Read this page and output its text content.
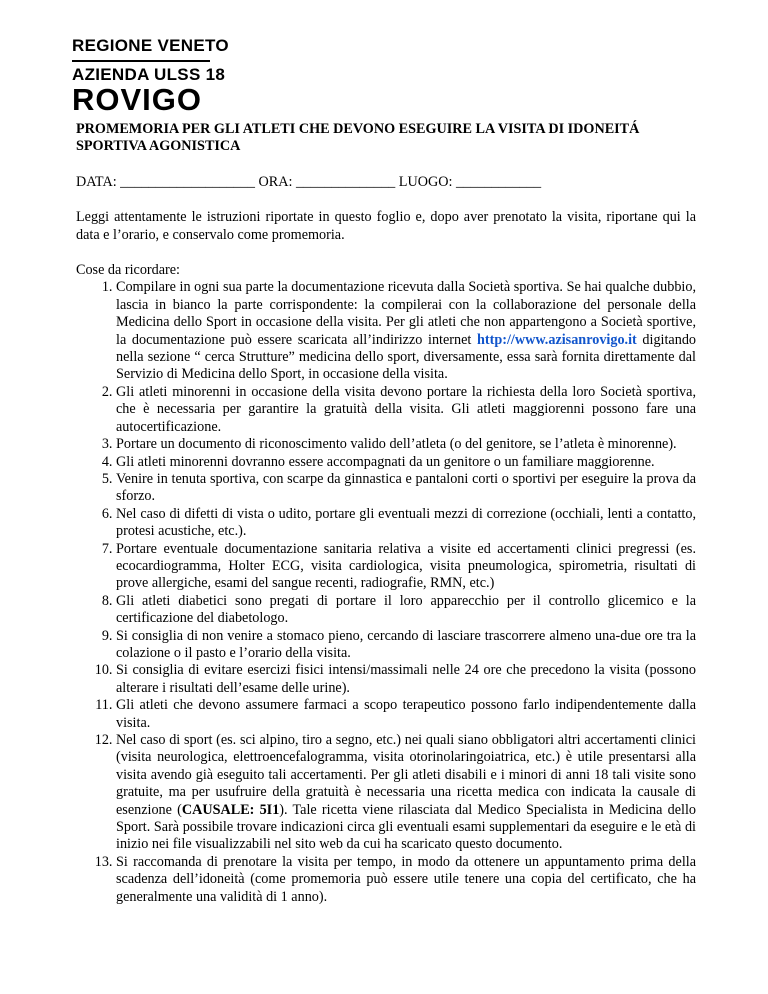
REGIONE VENETO
AZIENDA ULSS 18
ROVIGO
PROMEMORIA PER GLI ATLETI CHE DEVONO ESEGUIRE LA VISITA DI IDONEITÁ SPORTIVA AGONISTICA
DATA: ___________________ ORA: ______________ LUOGO: ____________
Leggi attentamente le istruzioni riportate in questo foglio e, dopo aver prenotato la visita, riportane qui la data e l’orario, e conservalo come promemoria.
Cose da ricordare:
1. Compilare in ogni sua parte la documentazione ricevuta dalla Società sportiva. Se hai qualche dubbio, lascia in bianco la parte corrispondente: la compilerai con la collaborazione del personale della Medicina dello Sport in occasione della visita. Per gli atleti che non appartengono a Società sportive, la documentazione può essere scaricata all’indirizzo internet http://www.azisanrovigo.it digitando nella sezione “ cerca Strutture” medicina dello sport, diversamente, essa sarà fornita direttamente dal Servizio di Medicina dello Sport, in occasione della visita.
2. Gli atleti minorenni in occasione della visita devono portare la richiesta della loro Società sportiva, che è necessaria per garantire la gratuità della visita. Gli atleti maggiorenni possono fare una autocertificazione.
3. Portare un documento di riconoscimento valido dell’atleta (o del genitore, se l’atleta è minorenne).
4. Gli atleti minorenni dovranno essere accompagnati da un genitore o un familiare maggiorenne.
5. Venire in tenuta sportiva, con scarpe da ginnastica e pantaloni corti o sportivi per eseguire la prova da sforzo.
6. Nel caso di difetti di vista o udito, portare gli eventuali mezzi di correzione (occhiali, lenti a contatto, protesi acustiche, etc.).
7. Portare eventuale documentazione sanitaria relativa a visite ed accertamenti clinici pregressi (es. ecocardiogramma, Holter ECG, visita cardiologica, visita pneumologica, spirometria, risultati di prove allergiche, esami del sangue recenti, radiografie, RMN, etc.)
8. Gli atleti diabetici sono pregati di portare il loro apparecchio per il controllo glicemico e la certificazione del diabetologo.
9. Si consiglia di non venire a stomaco pieno, cercando di lasciare trascorrere almeno una-due ore tra la colazione o il pasto e l’orario della visita.
10. Si consiglia di evitare esercizi fisici intensi/massimali nelle 24 ore che precedono la visita (possono alterare i risultati dell’esame delle urine).
11. Gli atleti che devono assumere farmaci a scopo terapeutico possono farlo indipendentemente dalla visita.
12. Nel caso di sport (es. sci alpino, tiro a segno, etc.) nei quali siano obbligatori altri accertamenti clinici (visita neurologica, elettroencefalogramma, visita otorinolaringoiatrica, etc.) è utile presentarsi alla visita avendo già eseguito tali accertamenti. Per gli atleti disabili e i minori di anni 18 tali visite sono gratuite, ma per usufruire della gratuità è necessaria una ricetta medica con indicata la causale di esenzione (CAUSALE: 5I1). Tale ricetta viene rilasciata dal Medico Specialista in Medicina dello Sport. Sarà possibile trovare indicazioni circa gli eventuali esami supplementari da eseguire e le età di inizio nei file visualizzabili nel sito web da cui ha scaricato questo documento.
13. Si raccomanda di prenotare la visita per tempo, in modo da ottenere un appuntamento prima della scadenza dell’idoneità (come promemoria può essere utile tenere una copia del certificato, che ha generalmente una validità di 1 anno).
